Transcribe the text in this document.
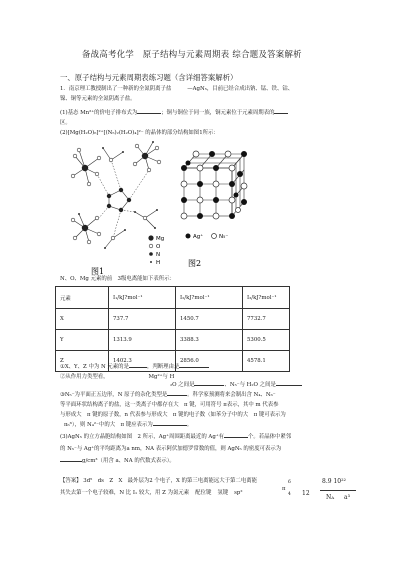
备战高考化学　原子结构与元素周期表 综合题及答案解析
一、原子结构与元素周期表练习题（含详细答案解析）
1．南京理工教授制出了一种新的全氮阴离子盐	—AgN₅，目前已经合成出钠、锰、铁、钴、
镍、铜等元素的全氮阴离子盐。
(1)基态 Mn²⁺的价电子排布式为	；铜与铜位于同一族，铜元素位于元素周期表的
区。
(2)[Mg(H₂O)₆]²⁺[(N₅)₂(H₂O)₄]²⁻ 的晶体的部分结构如图1所示：
Mg
O
N
H
图1
Ag⁺	N₅⁻
图2
N、O、Mg 元素的前　3级电离能如下表所示：
元素	I₁/kJ?mol⁻¹	I₂/kJ?mol⁻¹	I₃/kJ?mol⁻¹
X	737.7	1450.7	7732.7
Y	1313.9	3388.3	5300.5
Z	1402.3	2856.0	4578.1
①X、Y、Z 中为 N 元素的是	，判断理由是
②从作用力类型看，	Mg²⁺与 H
₂O 之间是	、N₅⁻与 H₂O 之间是
③N₅⁻为平面正五边形，N 原子的杂化类型是	。科学家预测将来会制出含 N₄、N₆⁻
等平面环状结构离子的盐，这一类离子中都存在大　π 键，可用符号 π表示，其中 m 代表参
与形成大　π 键的原子数，n 代表参与形成大　π 键的电子数（如苯分子中的大　π 键可表示为
π₆⁶），则 N₄²⁻中的大　π 键应表示为	。
(3)AgN₅ 的立方晶胞结构如图　2 所示，Ag⁺周围距离最近的 Ag⁺有	个。若晶体中紧邻
的 N₅⁻与 Ag⁺的平均距离为a nm，NA 表示阿伏加德罗常数的值，则 AgN₅ 的密度可表示为
g/cm³（用含 a、NA 的代数式表示）。
【答案】 3d⁵　ds　Z　X　最外层为2 个电子，X 的第三电离能远大于第二电离能
其失去第一个电子较难，N 比 I₁ 较大，用 Z 为氮元素 配位键 氢键 sp²
π
6
4 12
8.9 10²²
NA a³
